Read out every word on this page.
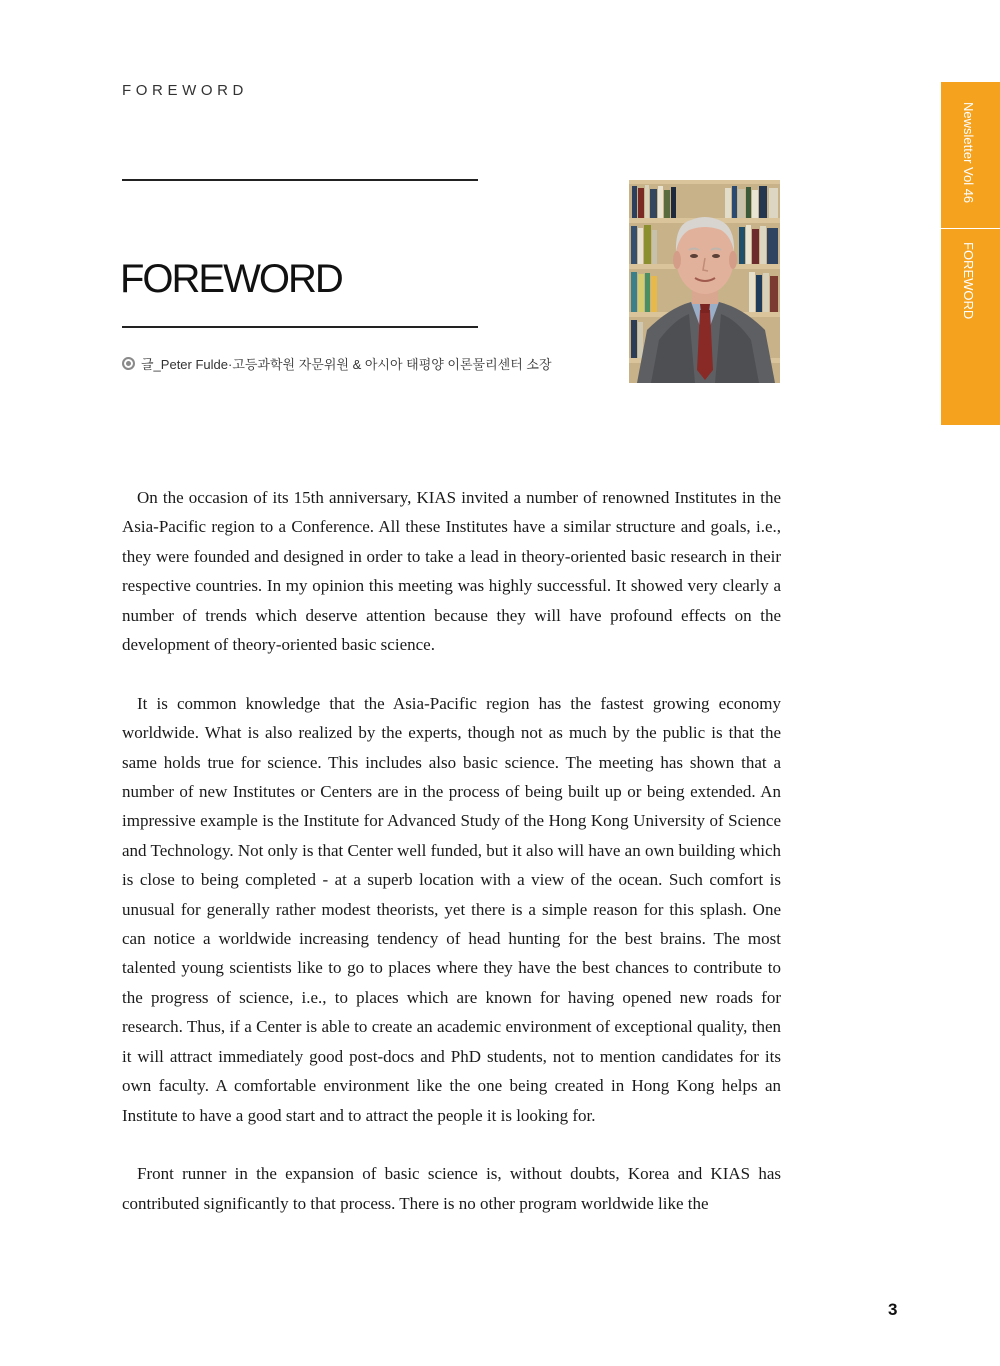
FOREWORD
FOREWORD
글_Peter Fulde·고등과학원 자문위원 & 아시아 태평양 이론물리센터 소장
Newsletter Vol 46
FOREWORD

On the occasion of its 15th anniversary, KIAS invited a number of renowned Institutes in the Asia-Pacific region to a Conference. All these Institutes have a similar structure and goals, i.e., they were founded and designed in order to take a lead in theory-oriented basic research in their respective countries. In my opinion this meeting was highly successful. It showed very clearly a number of trends which deserve attention because they will have profound effects on the development of theory-oriented basic science.

It is common knowledge that the Asia-Pacific region has the fastest growing economy worldwide. What is also realized by the experts, though not as much by the public is that the same holds true for science. This includes also basic science. The meeting has shown that a number of new Institutes or Centers are in the process of being built up or being extended. An impressive example is the Institute for Advanced Study of the Hong Kong University of Science and Technology. Not only is that Center well funded, but it also will have an own building which is close to being completed - at a superb location with a view of the ocean. Such comfort is unusual for generally rather modest theorists, yet there is a simple reason for this splash. One can notice a worldwide increasing tendency of head hunting for the best brains. The most talented young scientists like to go to places where they have the best chances to contribute to the progress of science, i.e., to places which are known for having opened new roads for research. Thus, if a Center is able to create an academic environment of exceptional quality, then it will attract immediately good post-docs and PhD students, not to mention candidates for its own faculty. A comfortable environment like the one being created in Hong Kong helps an Institute to have a good start and to attract the people it is looking for.

Front runner in the expansion of basic science is, without doubts, Korea and KIAS has contributed significantly to that process. There is no other program worldwide like the

3
